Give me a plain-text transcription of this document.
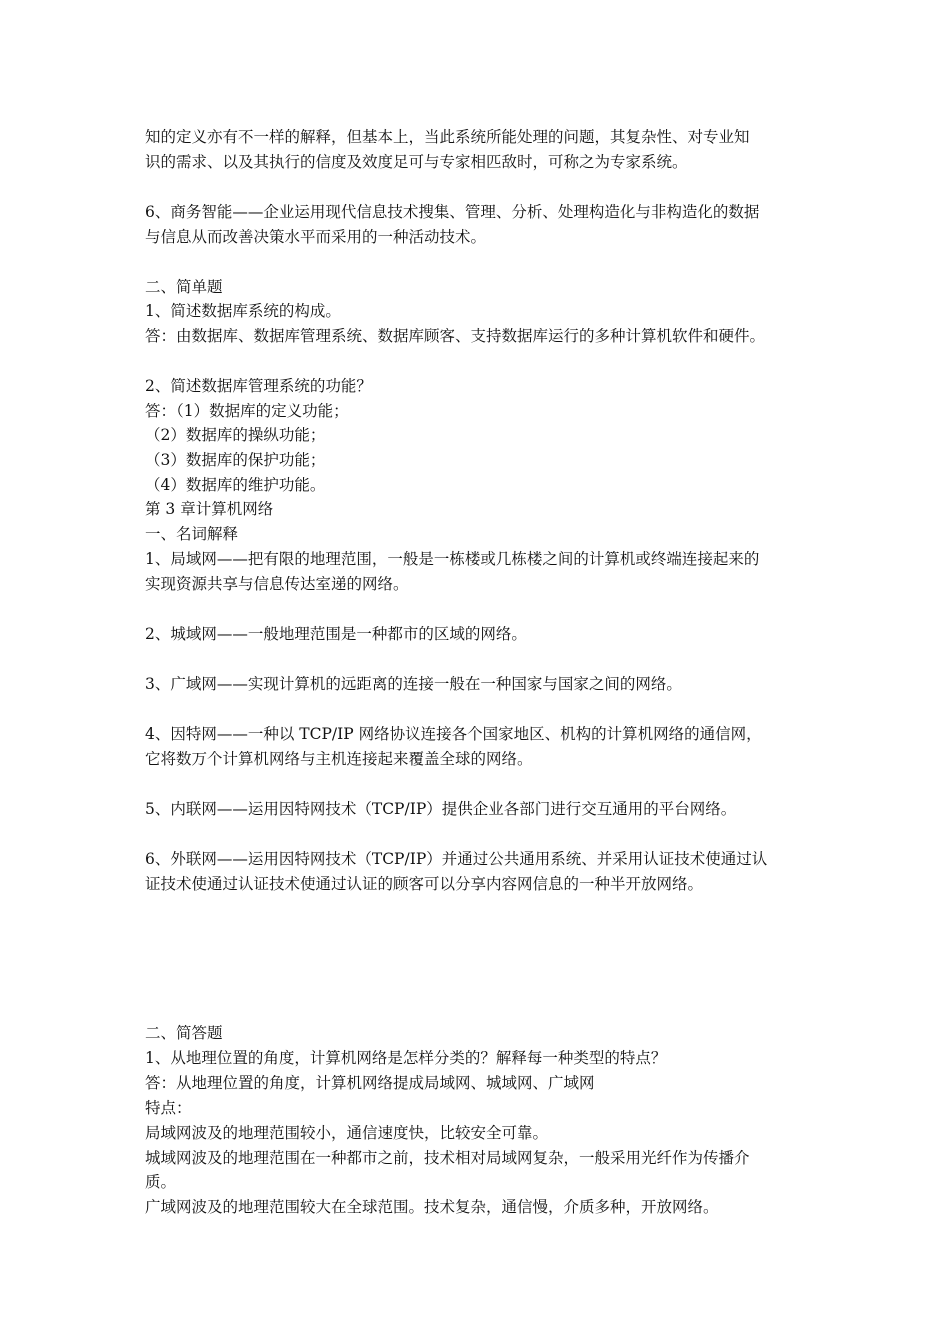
知的定义亦有不一样的解释，但基本上，当此系统所能处理的问题，其复杂性、对专业知
识的需求、以及其执行的信度及效度足可与专家相匹敌时，可称之为专家系统。
6、商务智能——企业运用现代信息技术搜集、管理、分析、处理构造化与非构造化的数据
与信息从而改善决策水平而采用的一种活动技术。
二、简单题
1、简述数据库系统的构成。
答：由数据库、数据库管理系统、数据库顾客、支持数据库运行的多种计算机软件和硬件。
2、简述数据库管理系统的功能？
答：（1）数据库的定义功能；
（2）数据库的操纵功能；
（3）数据库的保护功能；
（4）数据库的维护功能。
第 3 章计算机网络
一、名词解释
1、局域网——把有限的地理范围，一般是一栋楼或几栋楼之间的计算机或终端连接起来的
实现资源共享与信息传达室递的网络。
2、城域网——一般地理范围是一种都市的区域的网络。
3、广域网——实现计算机的远距离的连接一般在一种国家与国家之间的网络。
4、因特网——一种以 TCP/IP 网络协议连接各个国家地区、机构的计算机网络的通信网，
它将数万个计算机网络与主机连接起来覆盖全球的网络。
5、内联网——运用因特网技术（TCP/IP）提供企业各部门进行交互通用的平台网络。
6、外联网——运用因特网技术（TCP/IP）并通过公共通用系统、并采用认证技术使通过认
证技术使通过认证技术使通过认证的顾客可以分享内容网信息的一种半开放网络。
二、简答题
1、从地理位置的角度，计算机网络是怎样分类的？解释每一种类型的特点？
答：从地理位置的角度，计算机网络提成局域网、城域网、广域网
特点：
局域网波及的地理范围较小，通信速度快，比较安全可靠。
城域网波及的地理范围在一种都市之前，技术相对局域网复杂，一般采用光纤作为传播介
质。
广域网波及的地理范围较大在全球范围。技术复杂，通信慢，介质多种，开放网络。
